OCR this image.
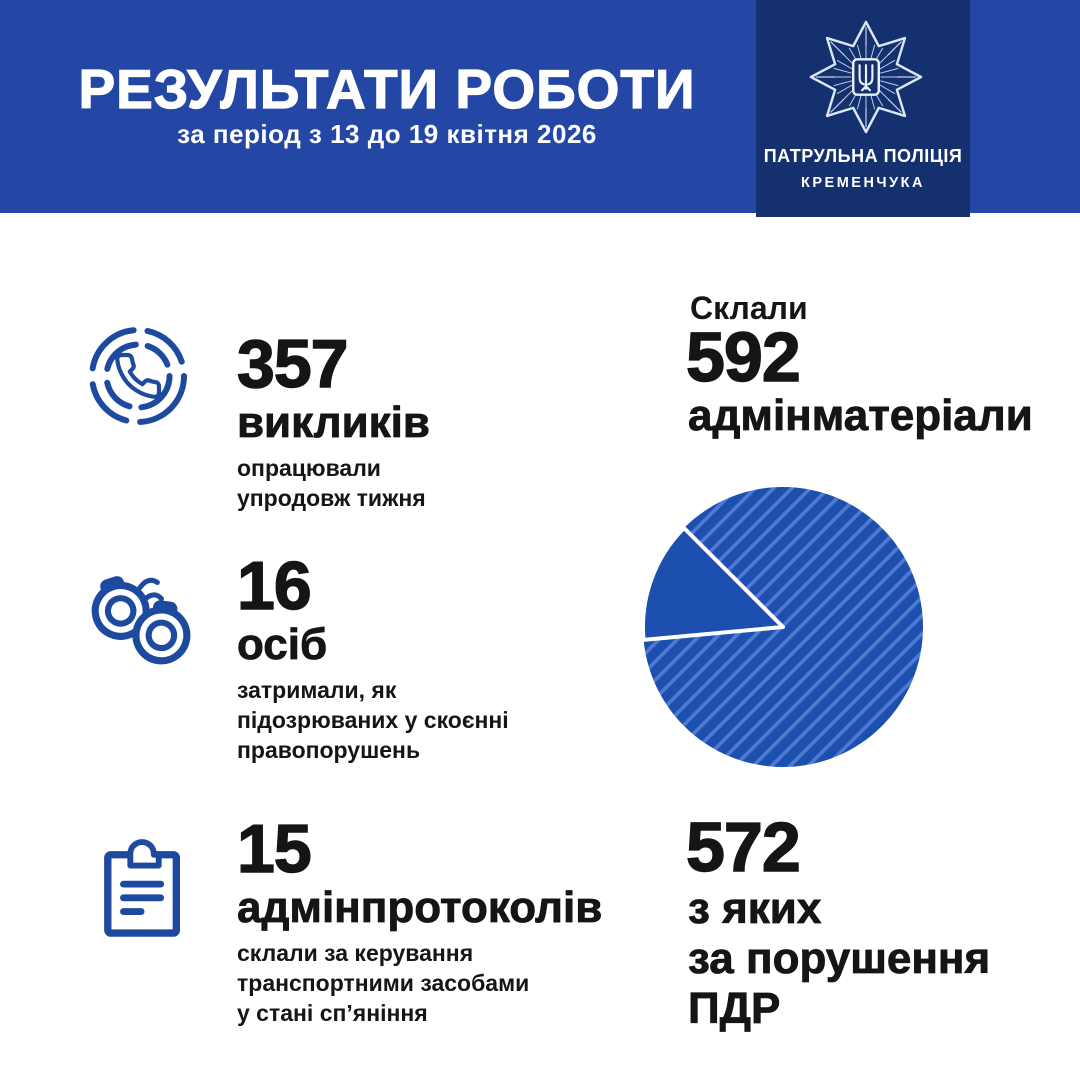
РЕЗУЛЬТАТИ РОБОТИ
за період з 13 до 19 квітня 2026
ПАТРУЛЬНА ПОЛІЦІЯ
КРЕМЕНЧУКА
357
викликів
опрацювали
упродовж тижня
16
осіб
затримали, як
підозрюваних у скоєнні
правопорушень
15
адмінпротоколів
склали за керування
транспортними засобами
у стані сп’яніння
Склали
592
адмінматеріали
572
з яких
за порушення
ПДР
